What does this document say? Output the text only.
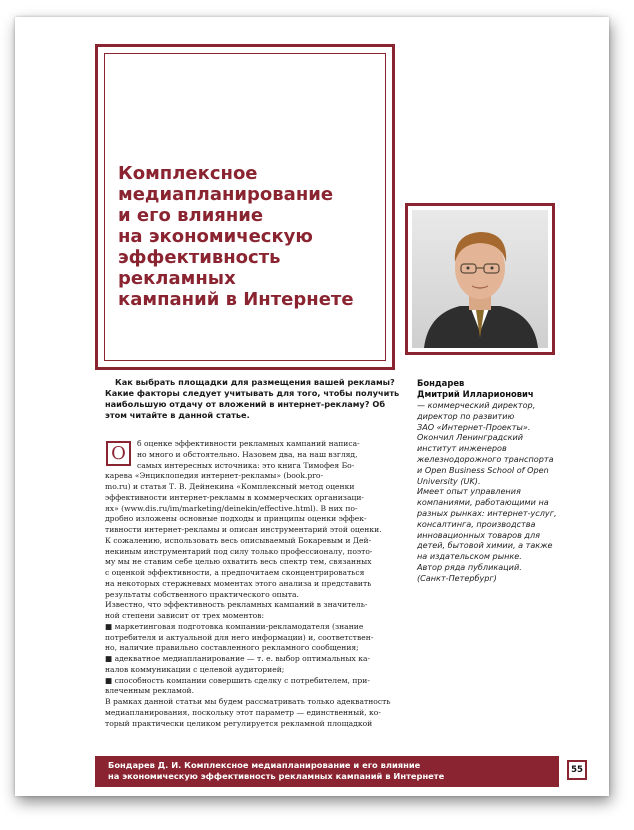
Комплексное
медиапланирование
и его влияние
на экономическую
эффективность
рекламных
кампаний в Интернете

Как выбрать площадки для размещения вашей рекламы? Какие факторы следует учитывать для того, чтобы получить наибольшую отдачу от вложений в интернет-рекламу? Об этом читайте в данной статье.

Бондарев
Дмитрий Илларионович
— коммерческий директор,
директор по развитию
ЗАО «Интернет-Проекты».
Окончил Ленинградский
институт инженеров
железнодорожного транспорта
и Open Business School of Open
University (UK).
Имеет опыт управления
компаниями, работающими на
разных рынках: интернет-услуг,
консалтинга, производства
инновационных товаров для
детей, бытовой химии, а также
на издательском рынке.
Автор ряда публикаций.
(Санкт-Петербург)
О	б оценке эффективности рекламных кампаний написа-
но много и обстоятельно. Назовем два, на наш взгляд,
самых интересных источника: это книга Тимофея Бо-
карева «Энциклопедия интернет-рекламы» (book.pro-
mo.ru) и статья Т. В. Дейнекина «Комплексный метод оценки
эффективности интернет-рекламы в коммерческих организаци-
ях» (www.dis.ru/im/marketing/deinekin/effective.html). В них по-
дробно изложены основные подходы и принципы оценки эффек-
тивности интернет-рекламы и описан инструментарий этой оценки.
К сожалению, использовать весь описываемый Бокаревым и Дей-
некиным инструментарий под силу только профессионалу, поэто-
му мы не ставим себе целью охватить весь спектр тем, связанных
с оценкой эффективности, а предпочитаем сконцентрироваться
на некоторых стержневых моментах этого анализа и представить
результаты собственного практического опыта.
Известно, что эффективность рекламных кампаний в значитель-
ной степени зависит от трех моментов:
■ маркетинговая подготовка компании-рекламодателя (знание
потребителя и актуальной для него информации) и, соответствен-
но, наличие правильно составленного рекламного сообщения;
■ адекватное медиапланирование — т. е. выбор оптимальных ка-
налов коммуникации с целевой аудиторией;
■ способность компании совершить сделку с потребителем, при-
влеченным рекламой.
В рамках данной статьи мы будем рассматривать только адекватность
медиапланирования, поскольку этот параметр — единственный, ко-
торый практически целиком регулируется рекламной площадкой
Бондарев Д. И. Комплексное медиапланирование и его влияние
на экономическую эффективность рекламных кампаний в Интернете
55
